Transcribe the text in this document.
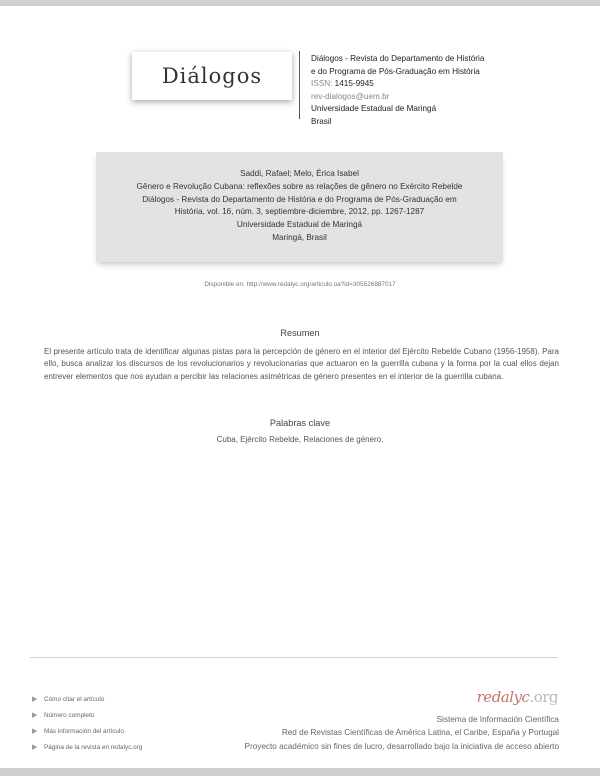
Diálogos
Diálogos - Revista do Departamento de História
e do Programa de Pós-Graduação em História
ISSN: 1415-9945
rev-dialogos@uem.br
Universidade Estadual de Maringá
Brasil

Saddi, Rafael; Melo, Érica Isabel

Gênero e Revolução Cubana: reflexões sobre as relações de gênero no Exército Rebelde

Diálogos - Revista do Departamento de História e do Programa de Pós-Graduação em

História, vol. 16, núm. 3, septiembre-diciembre, 2012, pp. 1267-1287

Universidade Estadual de Maringá

Maringá, Brasil

Disponible en: http://www.redalyc.org/articulo.oa?id=305526887017
Resumen
El presente artículo trata de identificar algunas pistas para la percepción de género en el interior del Ejército Rebelde Cubano (1956-1958). Para ello, busca analizar los discursos de los revolucionarios y revolucionarias que actuaron en la guerrilla cubana y la forma por la cual ellos dejan entrever elementos que nos ayudan a percibir las relaciones asimétricas de género presentes en el interior de la guerrilla cubana.
Palabras clave
Cuba, Ejército Rebelde, Relaciones de género.
▶	Cómo citar el artículo
▶	Número completo
▶	Más información del artículo
▶	Página de la revista en redalyc.org
redalyc.org
Sistema de Información Científica
Red de Revistas Científicas de América Latina, el Caribe, España y Portugal
Proyecto académico sin fines de lucro, desarrollado bajo la iniciativa de acceso abierto
